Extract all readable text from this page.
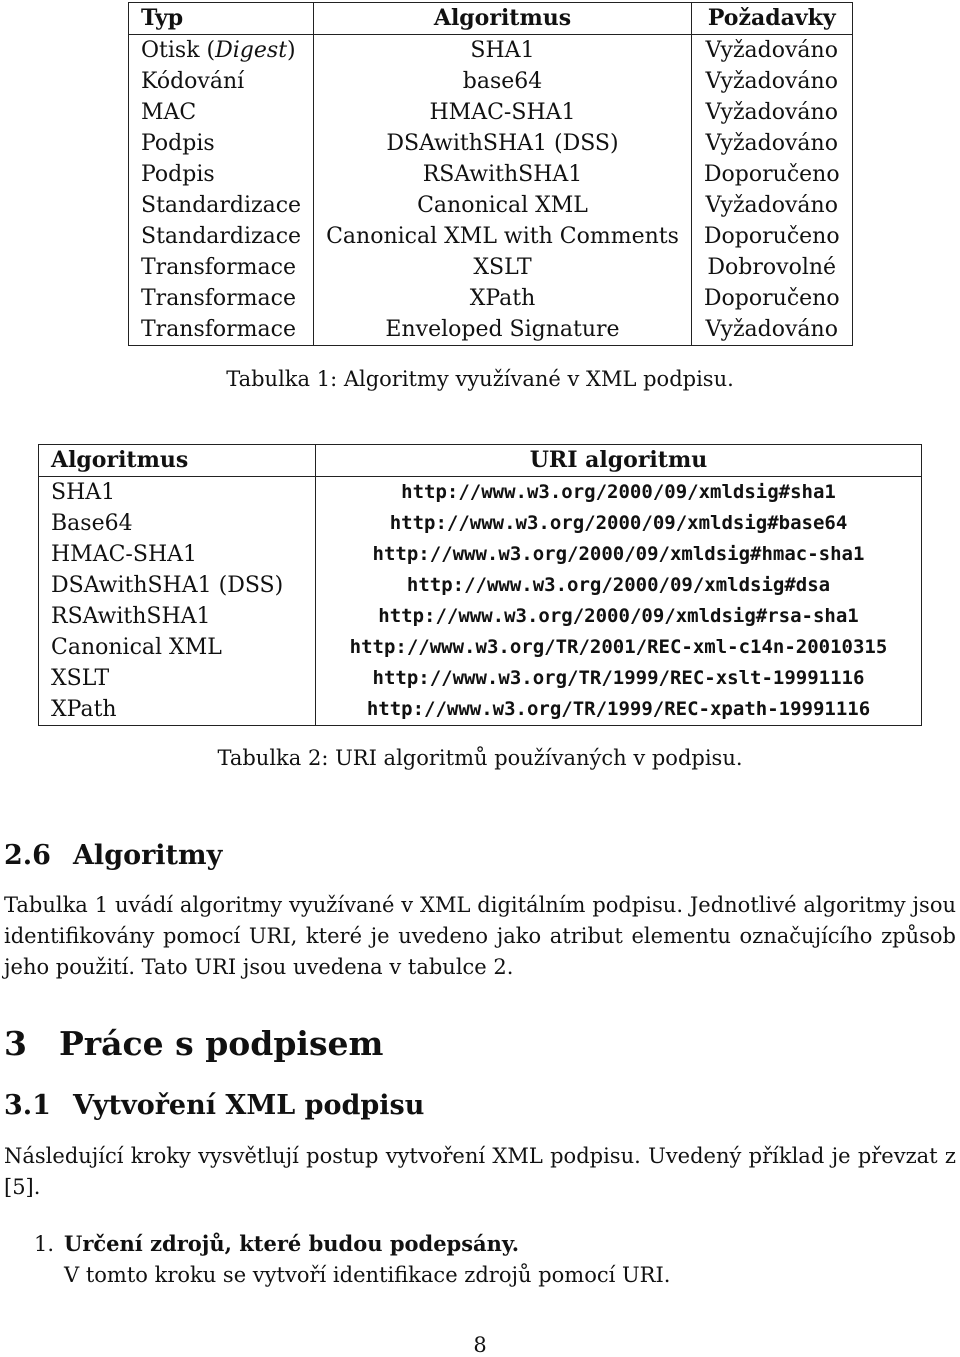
Typ	Algoritmus	Požadavky
Otisk (Digest)	SHA1	Vyžadováno
Kódování	base64	Vyžadováno
MAC	HMAC-SHA1	Vyžadováno
Podpis	DSAwithSHA1 (DSS)	Vyžadováno
Podpis	RSAwithSHA1	Doporučeno
Standardizace	Canonical XML	Vyžadováno
Standardizace	Canonical XML with Comments	Doporučeno
Transformace	XSLT	Dobrovolné
Transformace	XPath	Doporučeno
Transformace	Enveloped Signature	Vyžadováno
Tabulka 1: Algoritmy využívané v XML podpisu.
Algoritmus	URI algoritmu
SHA1	http://www.w3.org/2000/09/xmldsig#sha1
Base64	http://www.w3.org/2000/09/xmldsig#base64
HMAC-SHA1	http://www.w3.org/2000/09/xmldsig#hmac-sha1
DSAwithSHA1 (DSS)	http://www.w3.org/2000/09/xmldsig#dsa
RSAwithSHA1	http://www.w3.org/2000/09/xmldsig#rsa-sha1
Canonical XML	http://www.w3.org/TR/2001/REC-xml-c14n-20010315
XSLT	http://www.w3.org/TR/1999/REC-xslt-19991116
XPath	http://www.w3.org/TR/1999/REC-xpath-19991116
Tabulka 2: URI algoritmů používaných v podpisu.
2.6 Algoritmy

Tabulka 1 uvádí algoritmy využívané v XML digitálním podpisu. Jednotlivé algoritmy jsou identifikovány pomocí URI, které je uvedeno jako atribut elementu označujícího způsob jeho použití. Tato URI jsou uvedena v tabulce 2.

3 Práce s podpisem
3.1 Vytvoření XML podpisu

Následující kroky vysvětlují postup vytvoření XML podpisu. Uvedený příklad je převzat z [5].

1. Určení zdrojů, které budou podepsány.
V tomto kroku se vytvoří identifikace zdrojů pomocí URI.
8
